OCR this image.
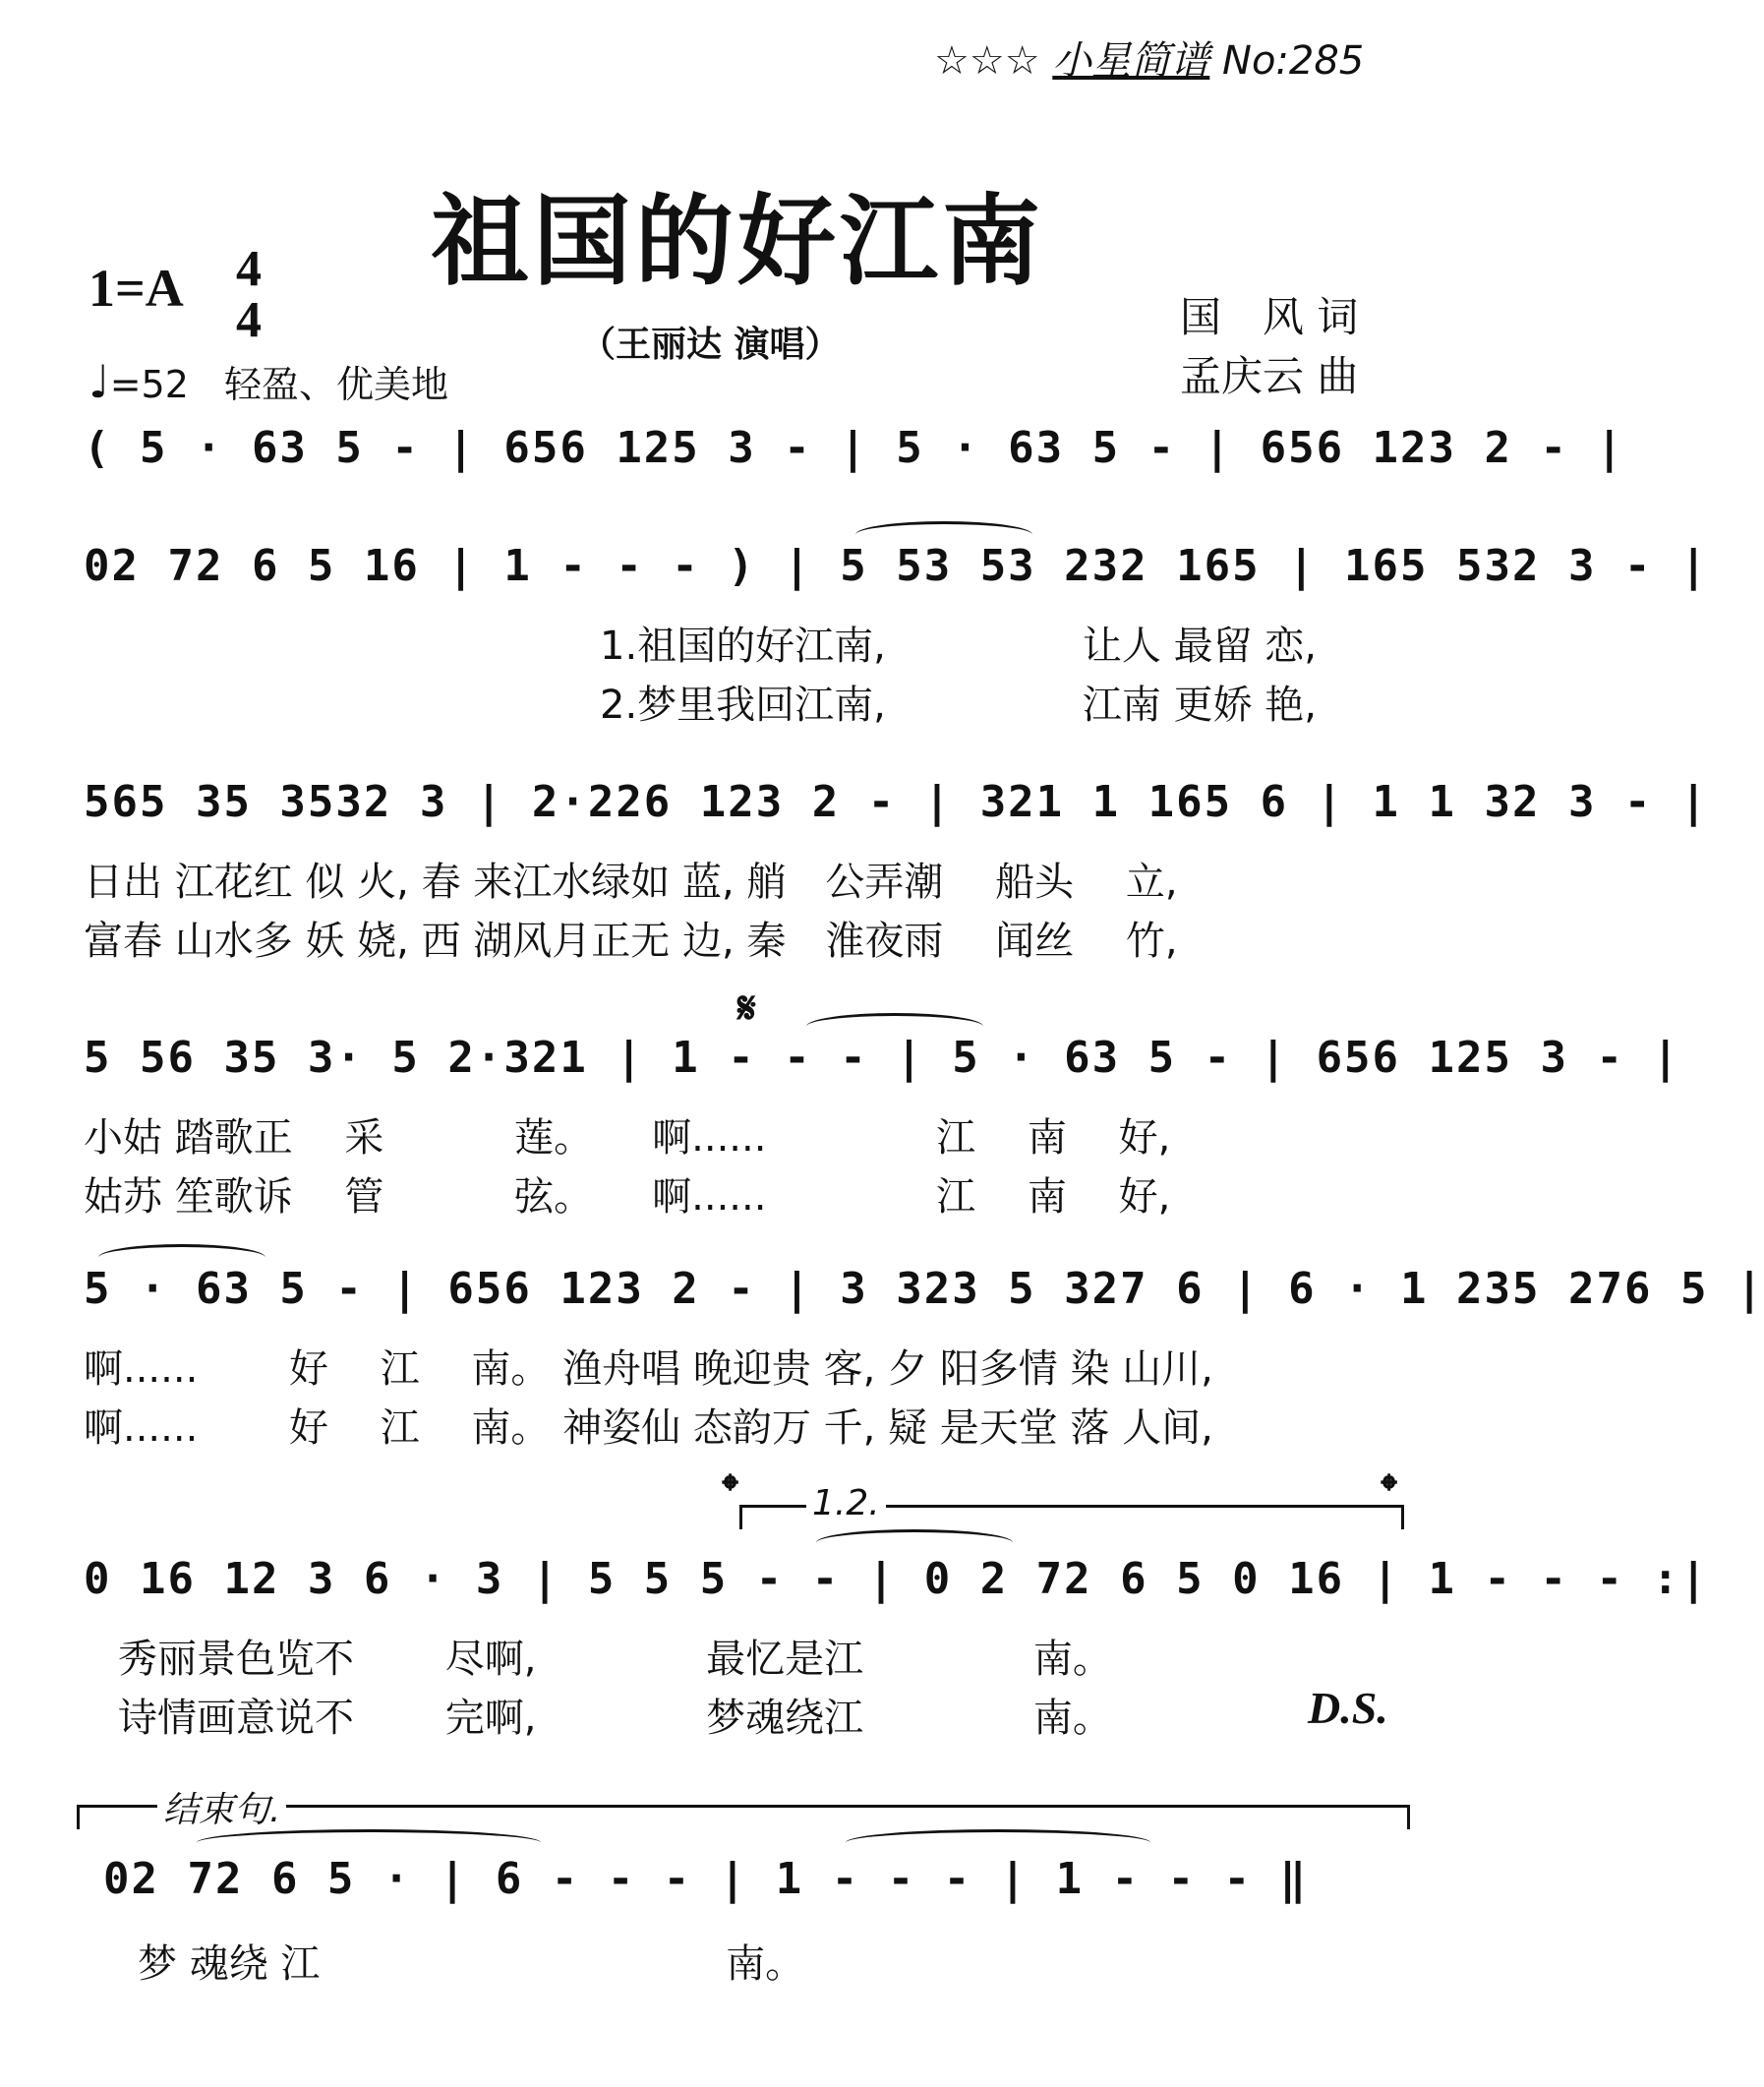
☆☆☆ 小星简谱 No:285
祖国的好江南
（王丽达 演唱）
1=A 4
4
♩=52 轻盈、优美地
国　风 词
孟庆云 曲
( 5 · 63 5 - | 656 125 3 - | 5 · 63 5 - | 656 123 2 - |
02 72 6 5 16 | 1 - - - ) | 5 53 53 232 165 | 165 532 3 - |
1.祖国的好江南,　　　　　让人 最留 恋,
2.梦里我回江南,　　　　　江南 更娇 艳,
565 35 3532 3 | 2·226 123 2 - | 321 1 165 6 | 1 1 32 3 - |
日出 江花红 似 火, 春 来江水绿如 蓝, 艄　公弄潮　 船头　 立,
富春 山水多 妖 娆, 西 湖风月正无 边, 秦　淮夜雨　 闻丝　 竹,
𝄋
5 56 35 3· 5 2·321 | 1 - - - | 5 · 63 5 - | 656 125 3 - |
小姑 踏歌正　 采　　　 莲。　　啊......　　　　 江　 南　 好,
姑苏 笙歌诉　 管　　　 弦。　　啊......　　　　 江　 南　 好,
5 · 63 5 - | 656 123 2 - | 3 323 5 327 6 | 6 · 1 235 276 5 |
啊......　　 好　 江　 南。 渔舟唱 晚迎贵 客, 夕 阳多情 染 山川,
啊......　　 好　 江　 南。 神姿仙 态韵万 千, 疑 是天堂 落 人间,
𝄌	𝄌
1.2.
0 16 12 3 6 · 3 | 5 5 5 - - | 0 2 72 6 5 0 16 | 1 - - - :|
秀丽景色览不　　 尽啊,　　　　 最忆是江　　　　 南。
诗情画意说不　　 完啊,　　　　 梦魂绕江　　　　 南。	D.S.
结束句.
02 72 6 5 · | 6 - - - | 1 - - - | 1 - - - ‖
梦 魂绕 江　　　　　　　　　　 南。
